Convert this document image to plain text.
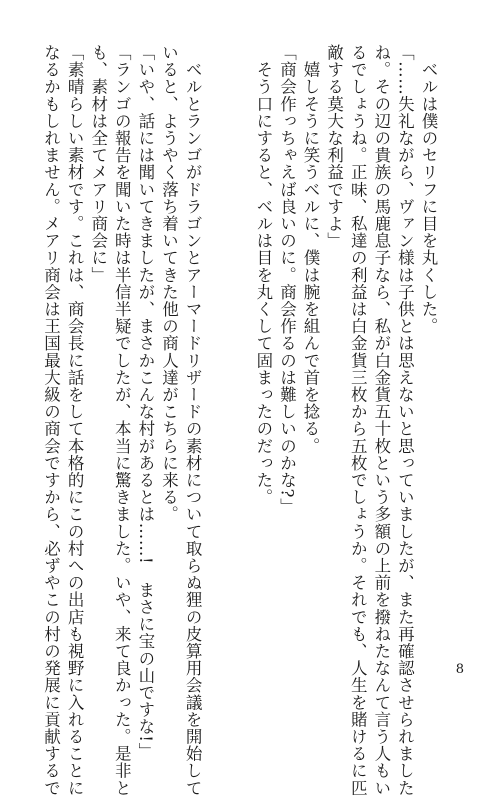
　ベルは僕のセリフに目を丸くした。

「……失礼ながら、ヴァン様は子供とは思えないと思っていましたが、また再確認させられました

ね。その辺の貴族の馬鹿息子なら、私が白金貨五十枚という多額の上前を撥ねたなんて言う人もい

るでしょうね。正味、私達の利益は白金貨三枚から五枚でしょうか。それでも、人生を賭けるに匹

敵する莫大な利益ですよ」

　嬉しそうに笑うベルに、僕は腕を組んで首を捻る。

「商会作っちゃえば良いのに。商会作るのは難しいのかな?」

　そう口にすると、ベルは目を丸くして固まったのだった。

　ベルとランゴがドラゴンとアーマードリザードの素材について取らぬ狸の皮算用会議を開始して

いると、ようやく落ち着いてきた他の商人達がこちらに来る。

「いや、話には聞いてきましたが、まさかこんな村があるとは……!　まさに宝の山ですな!」

「ランゴの報告を聞いた時は半信半疑でしたが、本当に驚きました。いや、来て良かった。是非と

も、素材は全てメアリ商会に」

「素晴らしい素材です。これは、商会長に話をして本格的にこの村への出店も視野に入れることに

なるかもしれません。メアリ商会は王国最大級の商会ですから、必ずやこの村の発展に貢献するで	8
